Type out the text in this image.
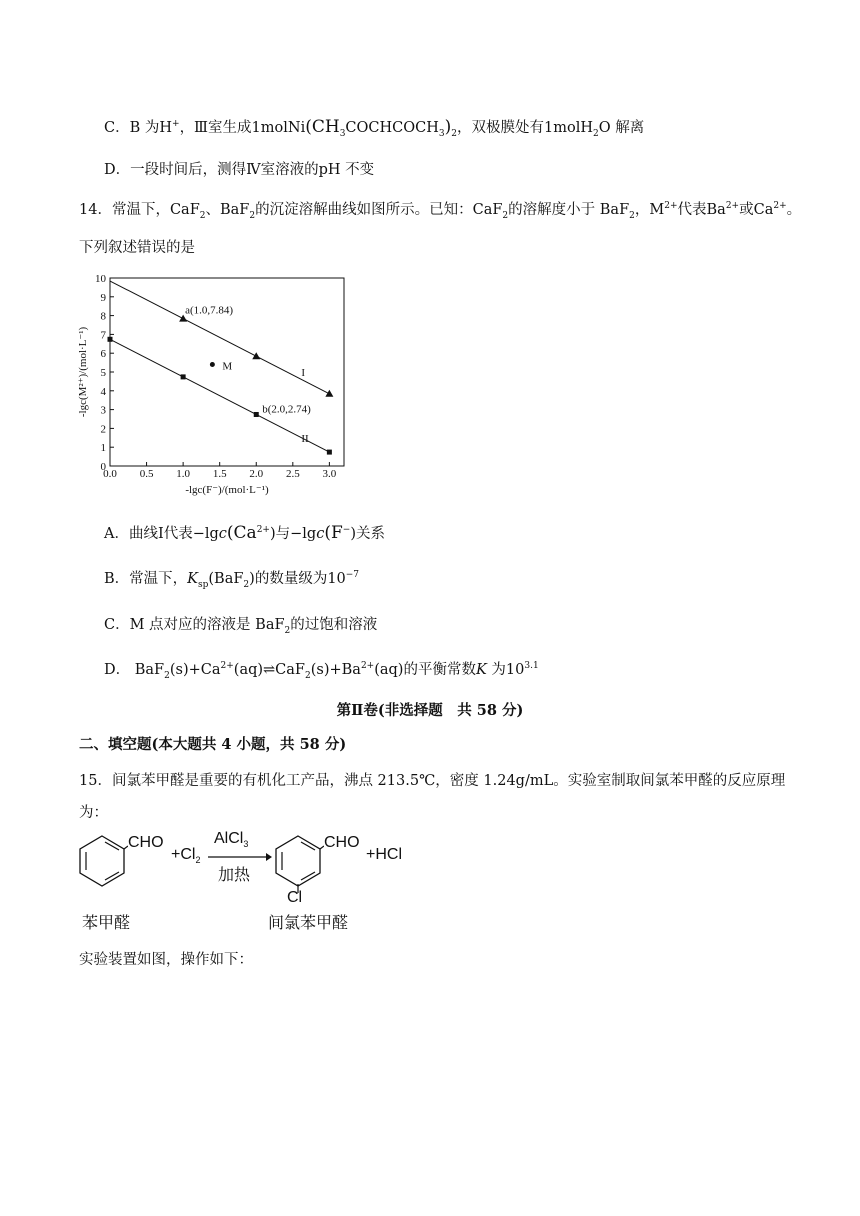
C．B 为H+，Ⅲ室生成$1molNi(CH_3COCHCOCH_3)_2$，双极膜处有1molH$_2$O 解离
D．一段时间后，测得Ⅳ室溶液的pH 不变
14．常温下，CaF$_2$、BaF$_2$的沉淀溶解曲线如图所示。已知：CaF$_2$的溶解度小于 BaF$_2$，$M^{2+}$代表$Ba^{2+}$或$Ca^{2+}$。
下列叙述错误的是
0.0 0.5 1.0 1.5 2.0 2.5 3.0
0
1
2
3
4
5
6
7
8
9
10
-lgc(F⁻)/(mol·L⁻¹)
-lgc(M²⁺)/(mol·L⁻¹)	I
II
M
a(1.0,7.84)
b(2.0,2.74)
A．曲线Ⅰ代表$-\lg c(Ca^{2+})$与−lgc(F−)关系
B．常温下，$K_{sp}(BaF_2)$的数量级为$10^{-7}$
C．M 点对应的溶液是 BaF$_2$的过饱和溶液
D． $BaF_2(s)+Ca^{2+}(aq)\rightleftharpoons CaF_2(s)+Ba^{2+}(aq)$的平衡常数K 为$10^{3.1}$
第Ⅱ卷(非选择题　共 58 分)
二、填空题(本大题共 4 小题，共 58 分)
15．间氯苯甲醛是重要的有机化工产品，沸点 213.5℃，密度 1.24g/mL。实验室制取间氯苯甲醛的反应原理
为：
CHO
$+Cl_2$
AlCl$_3$
加热
CHO
Cl
+HCl
苯甲醛	间氯苯甲醛
实验装置如图，操作如下：
